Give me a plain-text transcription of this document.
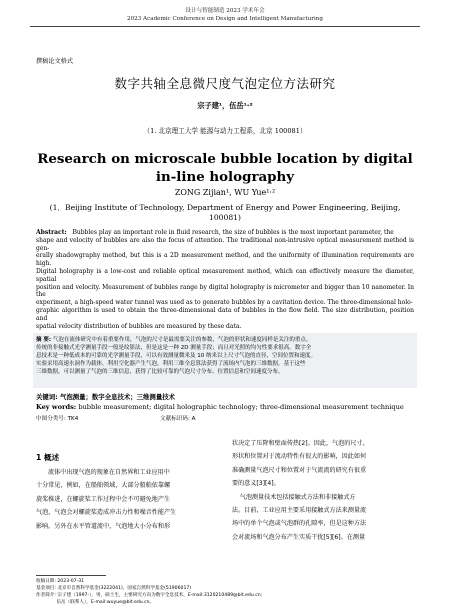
设计与智能制造 2023 学术年会
2023 Academic Conference on Design and Intelligent Manufacturing
撰稿论文格式
数字共轴全息微尺度气泡定位方法研究
宗子建¹，伍岳¹·²
（1. 北京理工大学 能源与动力工程系，北京 100081）
Research on microscale bubble location by digital
in-line holography
ZONG Zijian¹, WU Yue¹·²
(1．Beijing Institute of Technology, Department of Energy and Power Engineering, Beijing,
100081)
Abstract: Bubbles play an important role in fluid research, the size of bubbles is the most important parameter, the
shape and velocity of bubbles are also the focus of attention. The traditional non-intrusive optical measurement method is gen-
erally shadowgraphy method, but this is a 2D measurement method, and the uniformity of illumination requirements are high.
Digital holography is a low-cost and reliable optical measurement method, which can effectively measure the diameter, spatial
position and velocity. Measurement of bubbles range by digital holography is micrometer and bigger than 10 nanometer. In the
experiment, a high-speed water tunnel was used as to generate bubbles by a cavitation device. The three-dimensional holo-
graphic algorithm is used to obtain the three-dimensional data of bubbles in the flow field. The size distribution, position and
spatial velocity distribution of bubbles are measured by these data.
摘 要: 气泡在流体研究中有着重要作用，气泡的尺寸是最需要关注的参数，气泡的形状和速度同样是关注的重点。
传统的非接触式光学测量手段一般是纹影法，但是这是一种 2D 测量手段；而且对光照的均匀性要求很高。数字全
息技术是一种低成本的可靠的光学测量手段，可以有效测量微米及 10 纳米以上尺寸气泡的直径、空间位置和速度。
实验采用高速水洞作为载体，利用空化器产生气泡，利用三维全息算法获得了流场内气泡的三维数据，基于这些
三维数据，可以测量了气泡的三维信息，获得了比较可靠的气泡尺寸分布、位置信息和空间速度分布。
关键词: 气泡测量；数字全息技术；三维测量技术
Key words: bubble measurement; digital holographic technology; three-dimensional measurement technique
中图分类号: TK4	文献标识码: A
1 概述
流体中出现气泡的现象在自然界和工业应用中
十分常见，例如，在船舶领域，大部分船舶依靠螺
旋桨推进，在螺旋桨工作过程中会不可避免地产生
气泡，气泡会对螺旋桨造成冲击力性和噪音性能产生
影响。另外在水平管道流中，气泡地大小分布和形
状决定了压降和壁面传热[2]。因此，气泡的尺寸、
形状和位置对于流动特性有很大的影响，因此如何
准确测量气泡尺寸和位置对于气流流的研究有很重
要的意义[3][4]。
气泡测量技术包括接触式方法和非接触式方
法。目前，工业应用主要采用接触式方法来测量流
场中的单个气泡或气泡群的孔隙率，但是这种方法
会对流场和气泡分布产生实质干扰[5][6]。在测量
收稿日期: 2023-07-31
基金项目: 北京市自然科学基金(3222041)，国家自然科学基金(51906017)
作者简介: 宗子建（1997-），男，硕士生，主要研究方向为数字全息技术，E-mail:3120210489@bit.edu.cn；
伍岳（联系人），E-mail:wuyue@bit.edu.cn。
